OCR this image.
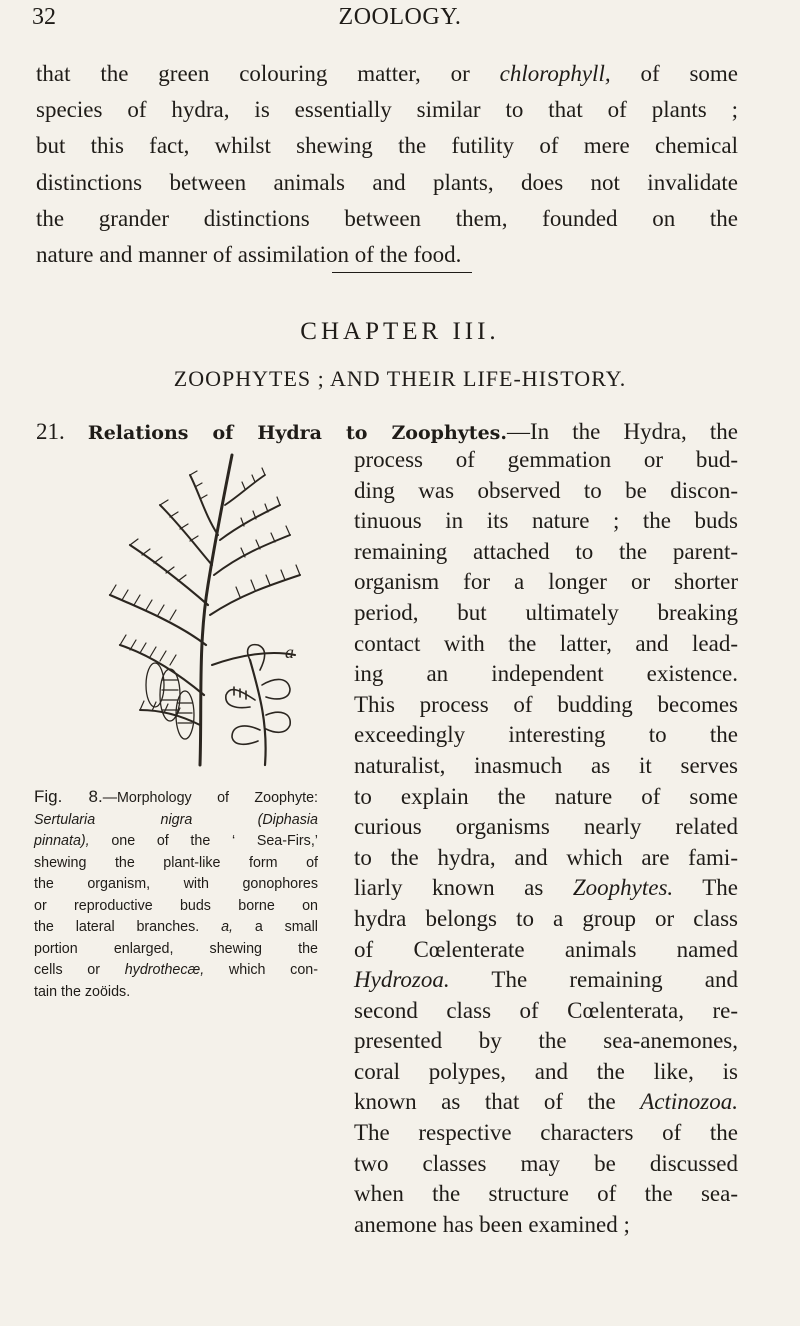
32	ZOOLOGY.
that the green colouring matter, or chlorophyll, of some
species of hydra, is essentially similar to that of plants ;
but this fact, whilst shewing the futility of mere chemical
distinctions between animals and plants, does not invalidate
the grander distinctions between them, founded on the
nature and manner of assimilation of the food.
CHAPTER III.
ZOOPHYTES ; AND THEIR LIFE-HISTORY.
21. Relations of Hydra to Zoophytes.—In the Hydra, the
process of gemmation or bud-
ding was observed to be discon-
tinuous in its nature ; the buds
remaining attached to the parent-
organism for a longer or shorter
period, but ultimately breaking
contact with the latter, and lead-
ing an independent existence.
This process of budding becomes
exceedingly interesting to the
naturalist, inasmuch as it serves
to explain the nature of some
curious organisms nearly related
to the hydra, and which are fami-
liarly known as Zoophytes. The
hydra belongs to a group or class
of Cœlenterate animals named
Hydrozoa. The remaining and
second class of Cœlenterata, re-
presented by the sea-anemones,
coral polypes, and the like, is
known as that of the Actinozoa.
The respective characters of the
two classes may be discussed
when the structure of the sea-
anemone has been examined ;
a
Fig. 8.—Morphology of Zoophyte:
Sertularia nigra	(Diphasia
pinnata), one of the ‘ Sea-Firs,’
shewing the plant-like form of
the organism, with gonophores
or reproductive buds borne on
the lateral branches. a, a small
portion enlarged, shewing the
cells or hydrothecæ, which con-
tain the zoöids.
